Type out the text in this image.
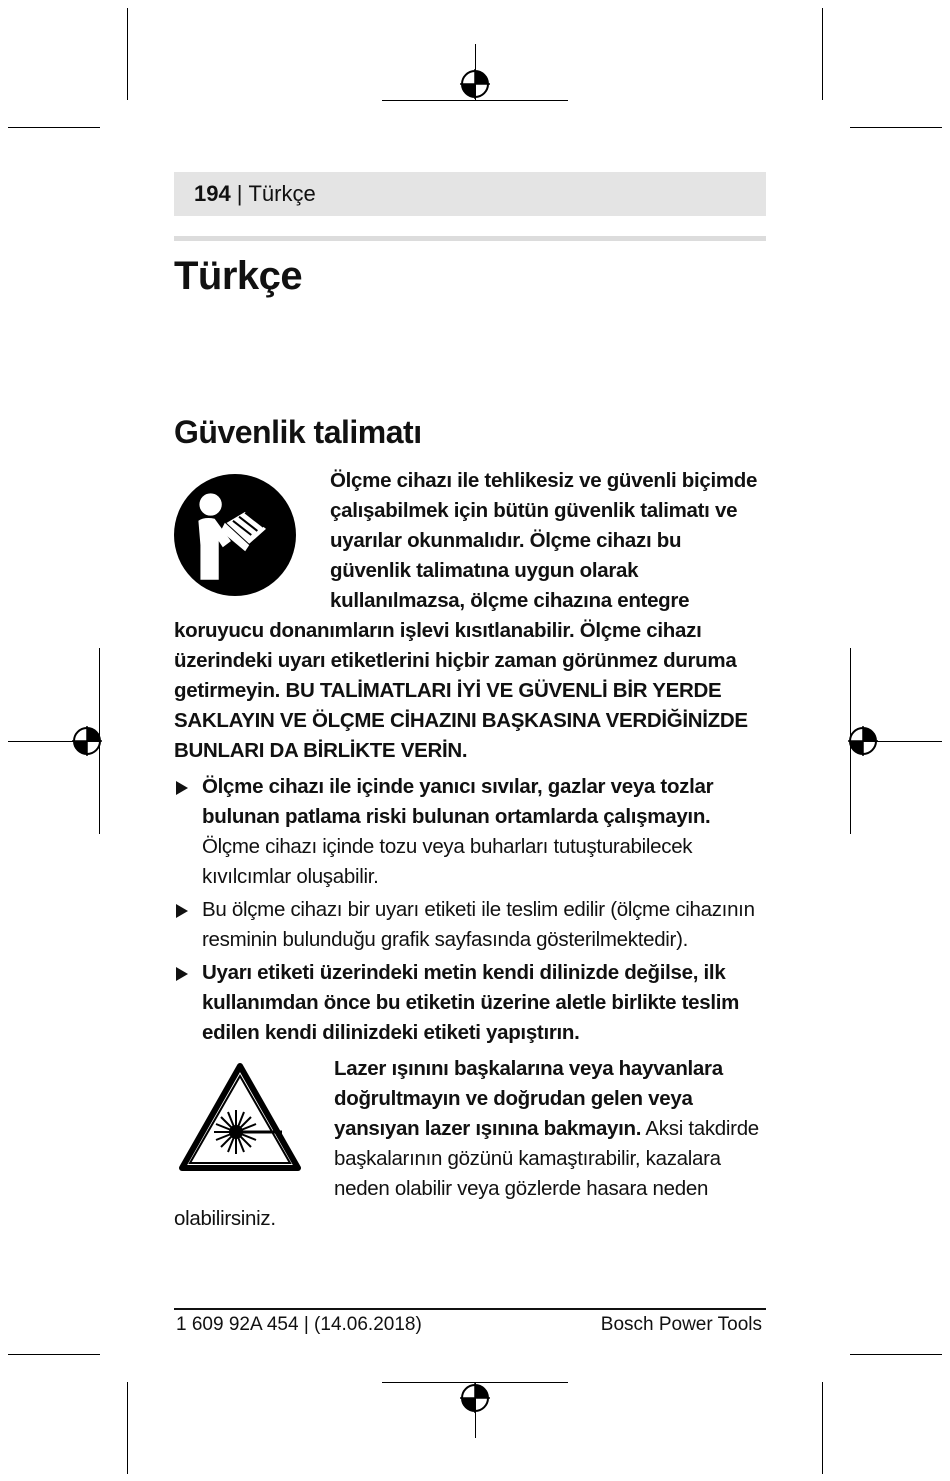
194 | Türkçe
Türkçe
Güvenlik talimatı

Ölçme cihazı ile tehlikesiz ve güvenli biçimde çalışabilmek için bütün güvenlik talimatı ve uyarılar okunmalıdır. Ölçme cihazı bu güvenlik talimatına uygun olarak kullanılmazsa, ölçme cihazına entegre koruyucu donanımların işlevi kısıtlanabilir. Ölçme cihazı üzerindeki uyarı etiketlerini hiçbir zaman görünmez duruma getirmeyin. BU TALİMATLARI İYİ VE GÜVENLİ BİR YERDE SAKLAYIN VE ÖLÇME CİHAZINI BAŞKASINA VERDİĞİNİZDE BUNLARI DA BİRLİKTE VERİN.

Ölçme cihazı ile içinde yanıcı sıvılar, gazlar veya tozlar bulunan patlama riski bulunan ortamlarda çalışmayın. Ölçme cihazı içinde tozu veya buharları tutuşturabilecek kıvılcımlar oluşabilir.
Bu ölçme cihazı bir uyarı etiketi ile teslim edilir (ölçme cihazının resminin bulunduğu grafik sayfasında gösterilmektedir).
Uyarı etiketi üzerindeki metin kendi dilinizde değilse, ilk kullanımdan önce bu etiketin üzerine aletle birlikte teslim edilen kendi dilinizdeki etiketi yapıştırın.

Lazer ışınını başkalarına veya hayvanlara doğrultmayın ve doğrudan gelen veya yansıyan lazer ışınına bakmayın. Aksi takdirde başkalarının gözünü kamaştırabilir, kazalara neden olabilir veya gözlerde hasara neden olabilirsiniz.

1 609 92A 454 | (14.06.2018)	Bosch Power Tools
